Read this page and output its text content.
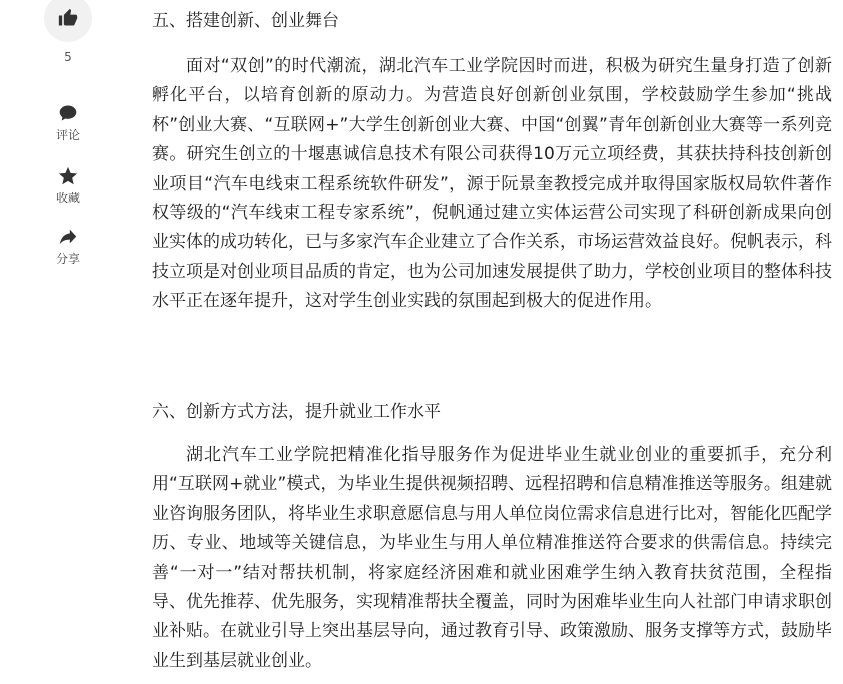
5
评论
收藏
分享
五、搭建创新、创业舞台

面对“双创”的时代潮流，湖北汽车工业学院因时而进，积极为研究生量身打造了创新孵化平台，以培育创新的原动力。为营造良好创新创业氛围，学校鼓励学生参加“挑战杯”创业大赛、“互联网+”大学生创新创业大赛、中国“创翼”青年创新创业大赛等一系列竞赛。研究生创立的十堰惠诚信息技术有限公司获得10万元立项经费，其获扶持科技创新创业项目“汽车电线束工程系统软件研发”，源于阮景奎教授完成并取得国家版权局软件著作权等级的“汽车线束工程专家系统”，倪帆通过建立实体运营公司实现了科研创新成果向创业实体的成功转化，已与多家汽车企业建立了合作关系，市场运营效益良好。倪帆表示，科技立项是对创业项目品质的肯定，也为公司加速发展提供了助力，学校创业项目的整体科技水平正在逐年提升，这对学生创业实践的氛围起到极大的促进作用。

六、创新方式方法，提升就业工作水平

湖北汽车工业学院把精准化指导服务作为促进毕业生就业创业的重要抓手，充分利用“互联网+就业”模式，为毕业生提供视频招聘、远程招聘和信息精准推送等服务。组建就业咨询服务团队，将毕业生求职意愿信息与用人单位岗位需求信息进行比对，智能化匹配学历、专业、地域等关键信息，为毕业生与用人单位精准推送符合要求的供需信息。持续完善“一对一”结对帮扶机制，将家庭经济困难和就业困难学生纳入教育扶贫范围，全程指导、优先推荐、优先服务，实现精准帮扶全覆盖，同时为困难毕业生向人社部门申请求职创业补贴。在就业引导上突出基层导向，通过教育引导、政策激励、服务支撑等方式，鼓励毕业生到基层就业创业。
